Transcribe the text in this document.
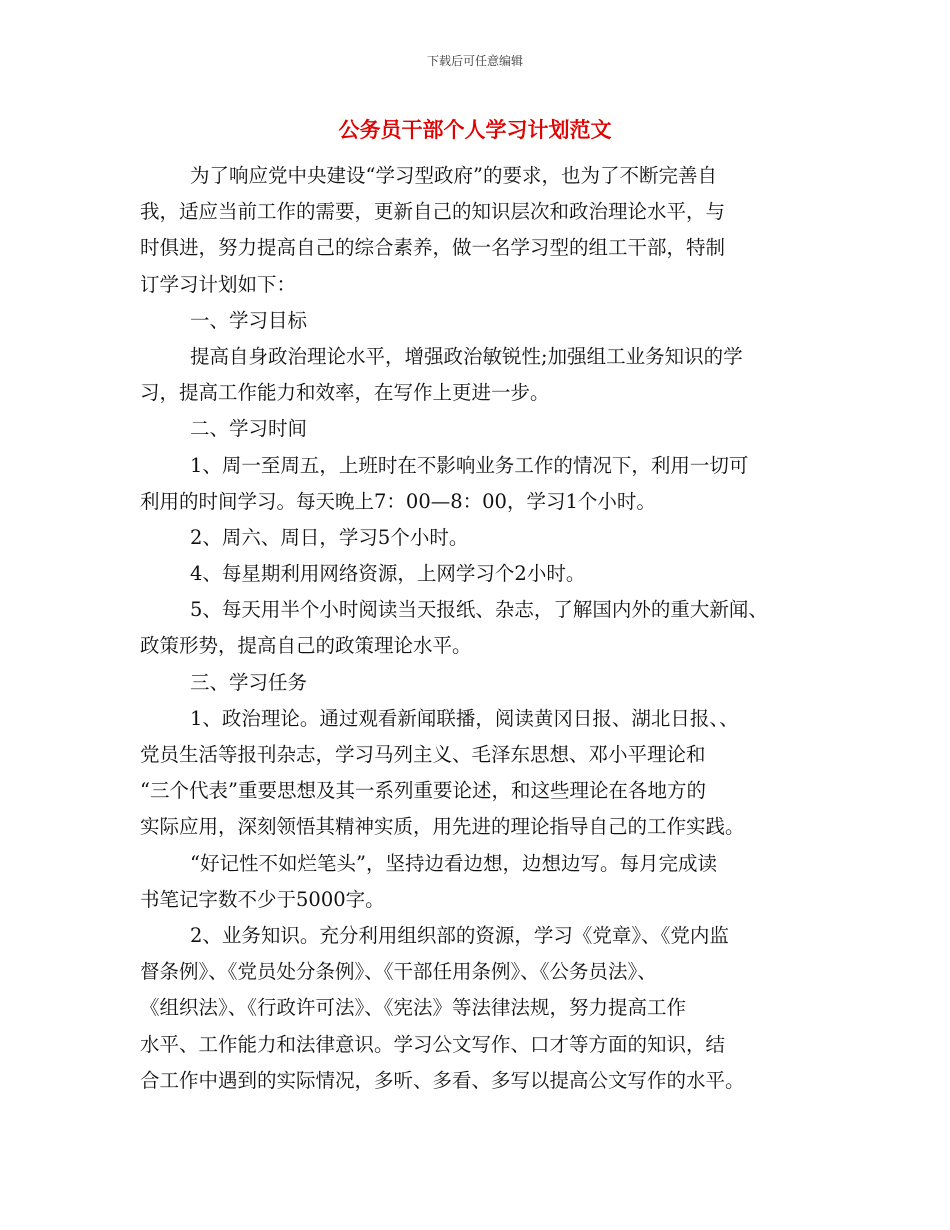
下载后可任意编辑
公务员干部个人学习计划范文
为了响应党中央建设“学习型政府”的要求，也为了不断完善自
我，适应当前工作的需要，更新自己的知识层次和政治理论水平，与
时俱进，努力提高自己的综合素养，做一名学习型的组工干部，特制
订学习计划如下：
一、学习目标
提高自身政治理论水平，增强政治敏锐性;加强组工业务知识的学
习，提高工作能力和效率，在写作上更进一步。
二、学习时间
1、周一至周五，上班时在不影响业务工作的情况下，利用一切可
利用的时间学习。每天晚上7：00—8：00，学习1个小时。
2、周六、周日，学习5个小时。
4、每星期利用网络资源，上网学习个2小时。
5、每天用半个小时阅读当天报纸、杂志，了解国内外的重大新闻、
政策形势，提高自己的政策理论水平。
三、学习任务
1、政治理论。通过观看新闻联播，阅读黄冈日报、湖北日报、、
党员生活等报刊杂志，学习马列主义、毛泽东思想、邓小平理论和
“三个代表”重要思想及其一系列重要论述，和这些理论在各地方的
实际应用，深刻领悟其精神实质，用先进的理论指导自己的工作实践。
“好记性不如烂笔头”，坚持边看边想，边想边写。每月完成读
书笔记字数不少于5000字。
2、业务知识。充分利用组织部的资源，学习《党章》、《党内监
督条例》、《党员处分条例》、《干部任用条例》、《公务员法》、
《组织法》、《行政许可法》、《宪法》等法律法规，努力提高工作
水平、工作能力和法律意识。学习公文写作、口才等方面的知识，结
合工作中遇到的实际情况，多听、多看、多写以提高公文写作的水平。
